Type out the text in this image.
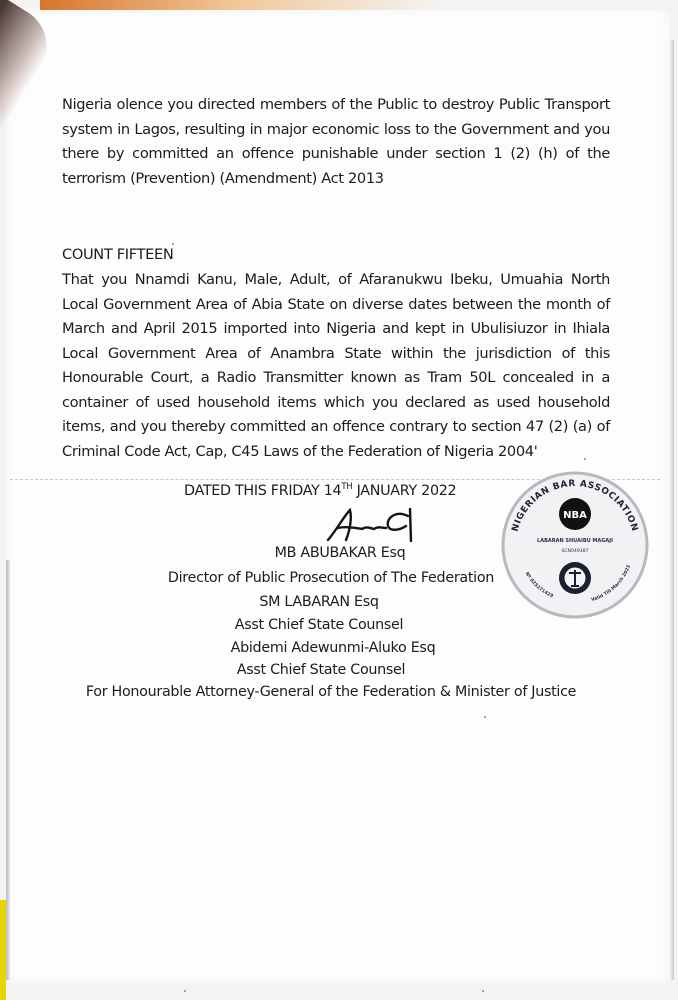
Nigeria olence you directed members of the Public to destroy Public Transport system in Lagos, resulting in major economic loss to the Government and you there by committed an offence punishable under section 1 (2) (h) of the terrorism (Prevention) (Amendment) Act 2013
COUNT FIFTEEN
That you Nnamdi Kanu, Male, Adult, of Afaranukwu Ibeku, Umuahia North Local Government Area of Abia State on diverse dates between the month of March and April 2015 imported into Nigeria and kept in Ubulisiuzor in Ihiala Local Government Area of Anambra State within the jurisdiction of this Honourable Court, a Radio Transmitter known as Tram 50L concealed in a container of used household items which you declared as used household items, and you thereby committed an offence contrary to section 47 (2) (a) of Criminal Code Act, Cap, C45 Laws of the Federation of Nigeria 2004'
DATED THIS FRIDAY 14TH JANUARY 2022
MB ABUBAKAR Esq
Director of Public Prosecution of The Federation
SM LABARAN Esq
Asst Chief State Counsel
Abidemi Adewunmi-Aluko Esq
Asst Chief State Counsel
For Honourable Attorney-General of the Federation & Minister of Justice
NIGERIAN BAR ASSOCIATION
NBA
LABARAN SHUAIBU MAGAJI
SCN049387
Nº 825271429
Valid Till March 2023
